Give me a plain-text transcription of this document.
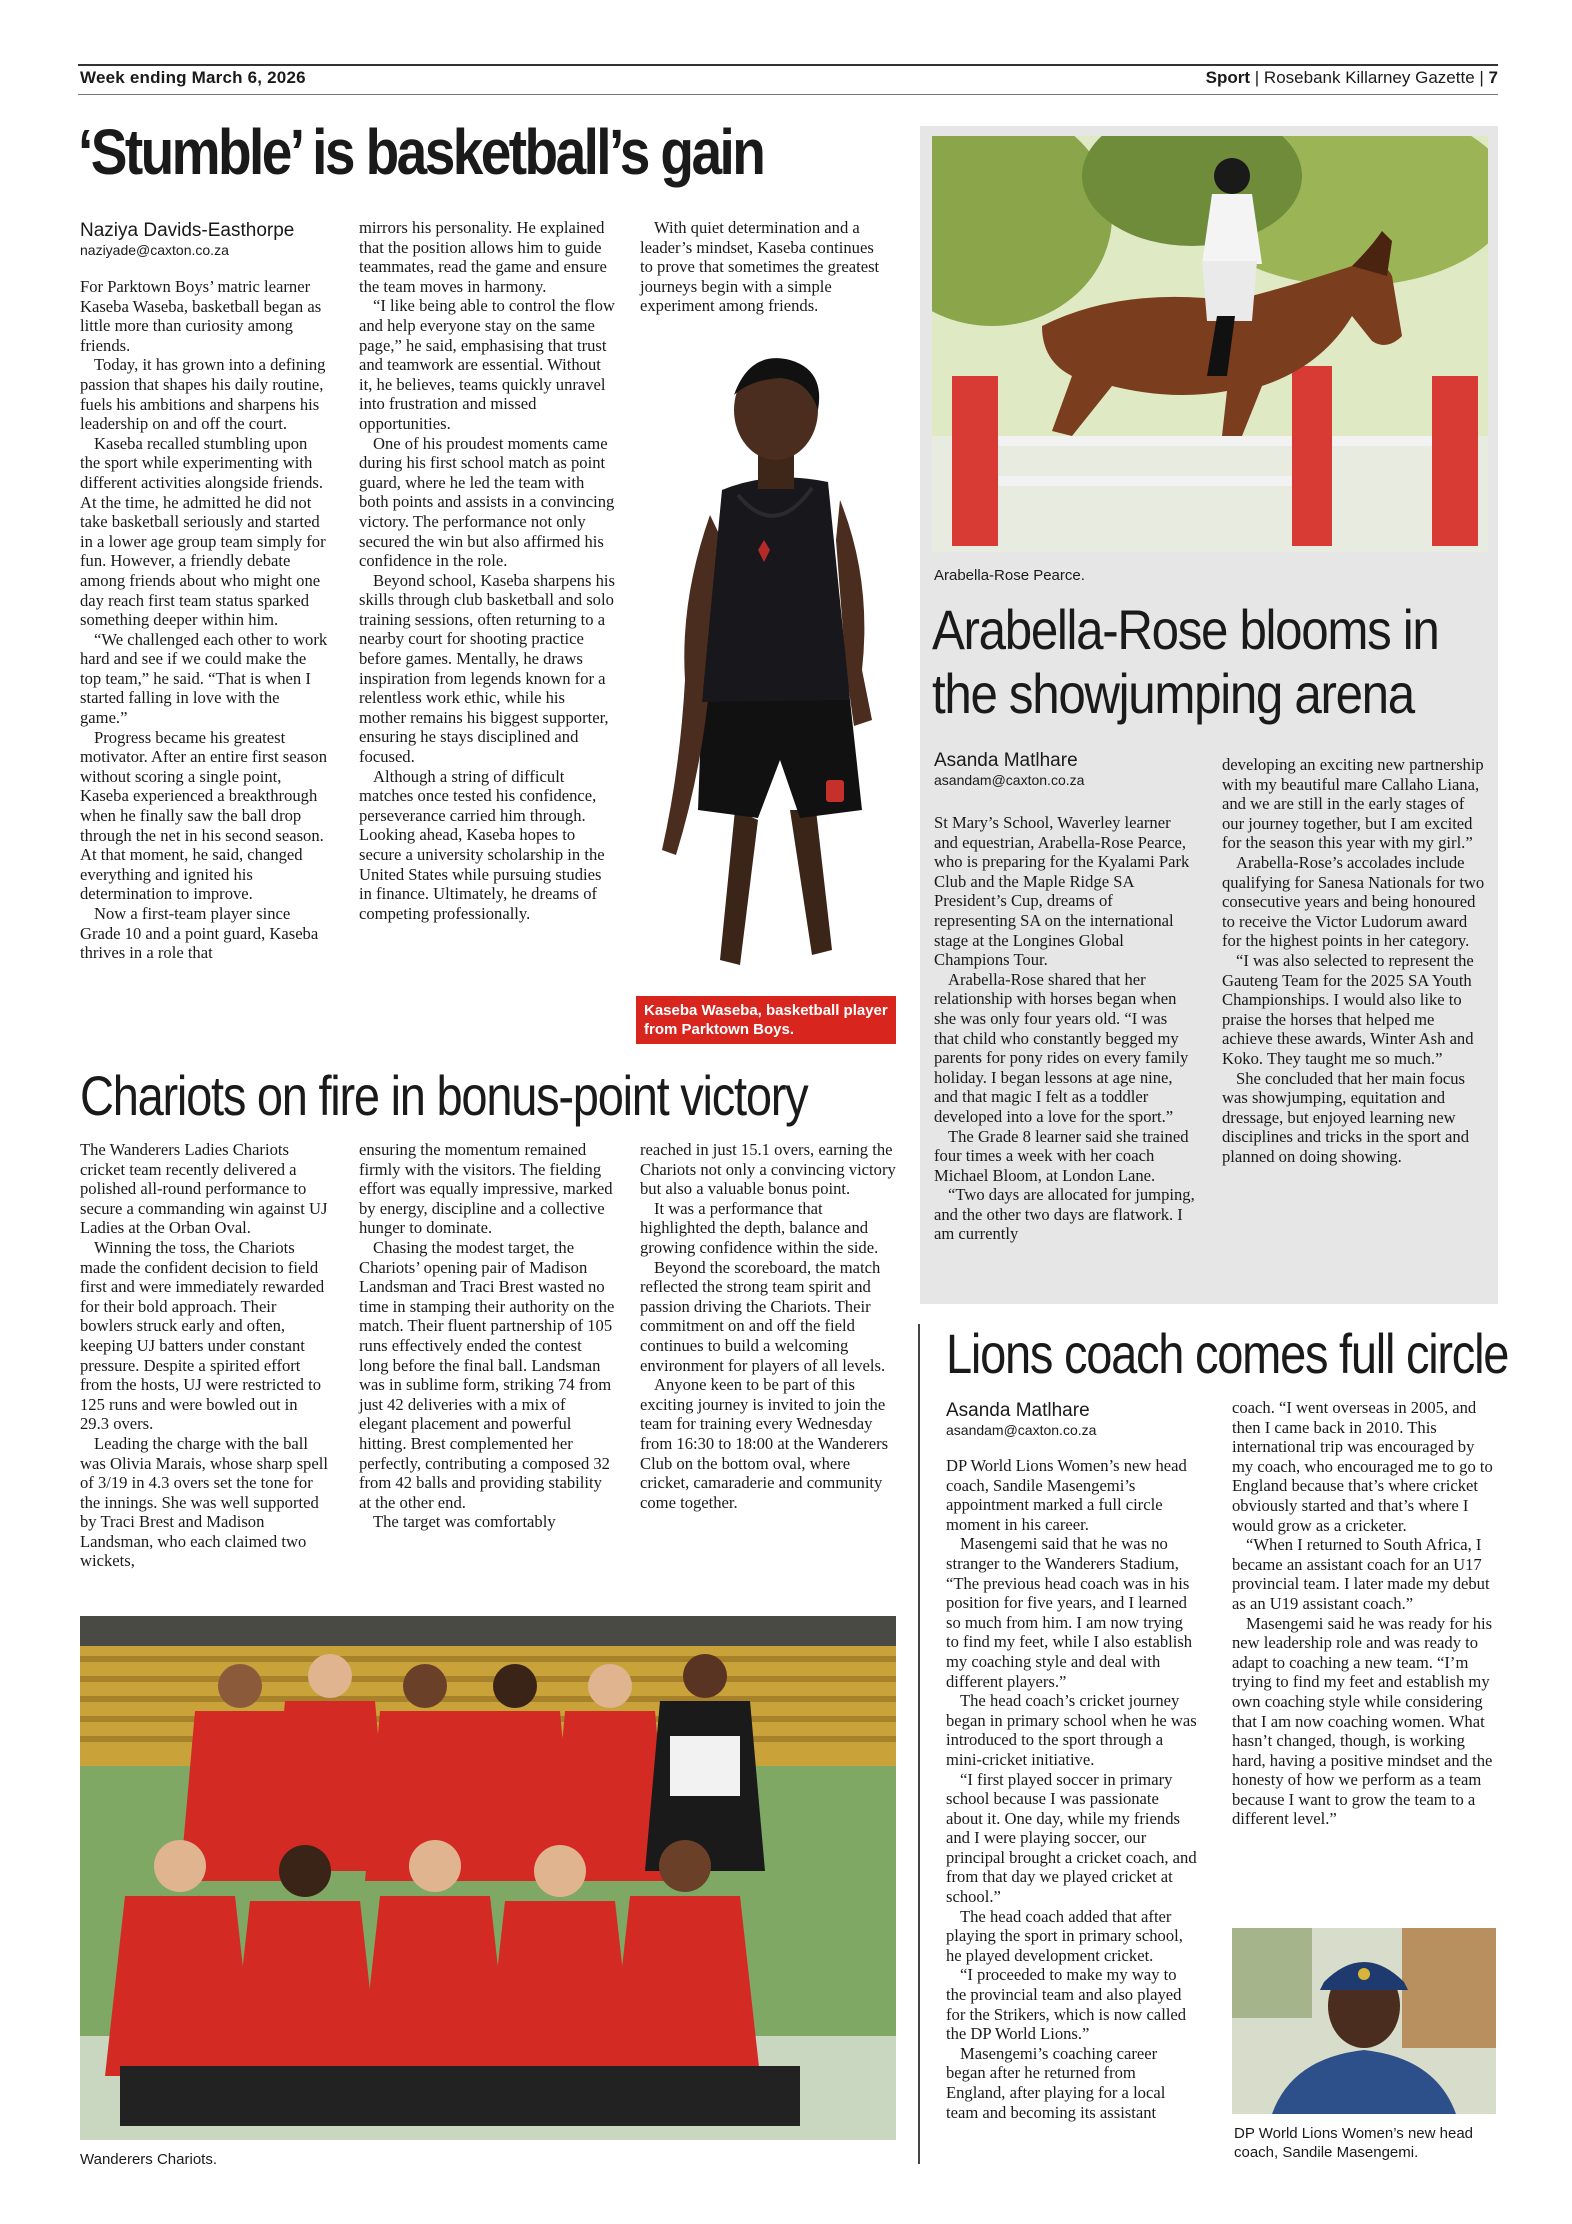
Week ending March 6, 2026	Sport | Rosebank Killarney Gazette | 7
‘Stumble’ is basketball’s gain
Naziya Davids-Easthorpe
naziyade@caxton.co.za

For Parktown Boys’ matric learner Kaseba Waseba, basketball began as little more than curiosity among friends.

Today, it has grown into a defining passion that shapes his daily routine, fuels his ambitions and sharpens his leadership on and off the court.

Kaseba recalled stumbling upon the sport while experimenting with different activities alongside friends. At the time, he admitted he did not take basketball seriously and started in a lower age group team simply for fun. However, a friendly debate among friends about who might one day reach first team status sparked something deeper within him.

“We challenged each other to work hard and see if we could make the top team,” he said. “That is when I started falling in love with the game.”

Progress became his greatest motivator. After an entire first season without scoring a single point, Kaseba experienced a breakthrough when he finally saw the ball drop through the net in his second season. At that moment, he said, changed everything and ignited his determination to improve.

Now a first-team player since Grade 10 and a point guard, Kaseba thrives in a role that

mirrors his personality. He explained that the position allows him to guide teammates, read the game and ensure the team moves in harmony.

“I like being able to control the flow and help everyone stay on the same page,” he said, emphasising that trust and teamwork are essential. Without it, he believes, teams quickly unravel into frustration and missed opportunities.

One of his proudest moments came during his first school match as point guard, where he led the team with both points and assists in a convincing victory. The performance not only secured the win but also affirmed his confidence in the role.

Beyond school, Kaseba sharpens his skills through club basketball and solo training sessions, often returning to a nearby court for shooting practice before games. Mentally, he draws inspiration from legends known for a relentless work ethic, while his mother remains his biggest supporter, ensuring he stays disciplined and focused.

Although a string of difficult matches once tested his confidence, perseverance carried him through. Looking ahead, Kaseba hopes to secure a university scholarship in the United States while pursuing studies in finance. Ultimately, he dreams of competing professionally.

With quiet determination and a leader’s mindset, Kaseba continues to prove that sometimes the greatest journeys begin with a simple experiment among friends.

Kaseba Waseba, basketball player from Parktown Boys.
Chariots on fire in bonus-point victory

The Wanderers Ladies Chariots cricket team recently delivered a polished all-round performance to secure a commanding win against UJ Ladies at the Orban Oval.

Winning the toss, the Chariots made the confident decision to field first and were immediately rewarded for their bold approach. Their bowlers struck early and often, keeping UJ batters under constant pressure. Despite a spirited effort from the hosts, UJ were restricted to 125 runs and were bowled out in 29.3 overs.

Leading the charge with the ball was Olivia Marais, whose sharp spell of 3/19 in 4.3 overs set the tone for the innings. She was well supported by Traci Brest and Madison Landsman, who each claimed two wickets,

ensuring the momentum remained firmly with the visitors. The fielding effort was equally impressive, marked by energy, discipline and a collective hunger to dominate.

Chasing the modest target, the Chariots’ opening pair of Madison Landsman and Traci Brest wasted no time in stamping their authority on the match. Their fluent partnership of 105 runs effectively ended the contest long before the final ball. Landsman was in sublime form, striking 74 from just 42 deliveries with a mix of elegant placement and powerful hitting. Brest complemented her perfectly, contributing a composed 32 from 42 balls and providing stability at the other end.

The target was comfortably

reached in just 15.1 overs, earning the Chariots not only a convincing victory but also a valuable bonus point.

It was a performance that highlighted the depth, balance and growing confidence within the side.

Beyond the scoreboard, the match reflected the strong team spirit and passion driving the Chariots. Their commitment on and off the field continues to build a welcoming environment for players of all levels.

Anyone keen to be part of this exciting journey is invited to join the team for training every Wednesday from 16:30 to 18:00 at the Wanderers Club on the bottom oval, where cricket, camaraderie and community come together.

Wanderers Chariots.
Arabella-Rose Pearce.
Arabella-Rose blooms in
the showjumping arena
Asanda Matlhare
asandam@caxton.co.za

St Mary’s School, Waverley learner and equestrian, Arabella-Rose Pearce, who is preparing for the Kyalami Park Club and the Maple Ridge SA President’s Cup, dreams of representing SA on the international stage at the Longines Global Champions Tour.

Arabella-Rose shared that her relationship with horses began when she was only four years old. “I was that child who constantly begged my parents for pony rides on every family holiday. I began lessons at age nine, and that magic I felt as a toddler developed into a love for the sport.”

The Grade 8 learner said she trained four times a week with her coach Michael Bloom, at London Lane.

“Two days are allocated for jumping, and the other two days are flatwork. I am currently

developing an exciting new partnership with my beautiful mare Callaho Liana, and we are still in the early stages of our journey together, but I am excited for the season this year with my girl.”

Arabella-Rose’s accolades include qualifying for Sanesa Nationals for two consecutive years and being honoured to receive the Victor Ludorum award for the highest points in her category.

“I was also selected to represent the Gauteng Team for the 2025 SA Youth Championships. I would also like to praise the horses that helped me achieve these awards, Winter Ash and Koko. They taught me so much.”

She concluded that her main focus was showjumping, equitation and dressage, but enjoyed learning new disciplines and tricks in the sport and planned on doing showing.

Lions coach comes full circle
Asanda Matlhare
asandam@caxton.co.za

DP World Lions Women’s new head coach, Sandile Masengemi’s appointment marked a full circle moment in his career.

Masengemi said that he was no stranger to the Wanderers Stadium, “The previous head coach was in his position for five years, and I learned so much from him. I am now trying to find my feet, while I also establish my coaching style and deal with different players.”

The head coach’s cricket journey began in primary school when he was introduced to the sport through a mini-cricket initiative.

“I first played soccer in primary school because I was passionate about it. One day, while my friends and I were playing soccer, our principal brought a cricket coach, and from that day we played cricket at school.”

The head coach added that after playing the sport in primary school, he played development cricket.

“I proceeded to make my way to the provincial team and also played for the Strikers, which is now called the DP World Lions.”

Masengemi’s coaching career began after he returned from England, after playing for a local team and becoming its assistant

coach. “I went overseas in 2005, and then I came back in 2010. This international trip was encouraged by my coach, who encouraged me to go to England because that’s where cricket obviously started and that’s where I would grow as a cricketer.

“When I returned to South Africa, I became an assistant coach for an U17 provincial team. I later made my debut as an U19 assistant coach.”

Masengemi said he was ready for his new leadership role and was ready to adapt to coaching a new team. “I’m trying to find my feet and establish my own coaching style while considering that I am now coaching women. What hasn’t changed, though, is working hard, having a positive mindset and the honesty of how we perform as a team because I want to grow the team to a different level.”

DP World Lions Women’s new head coach, Sandile Masengemi.
